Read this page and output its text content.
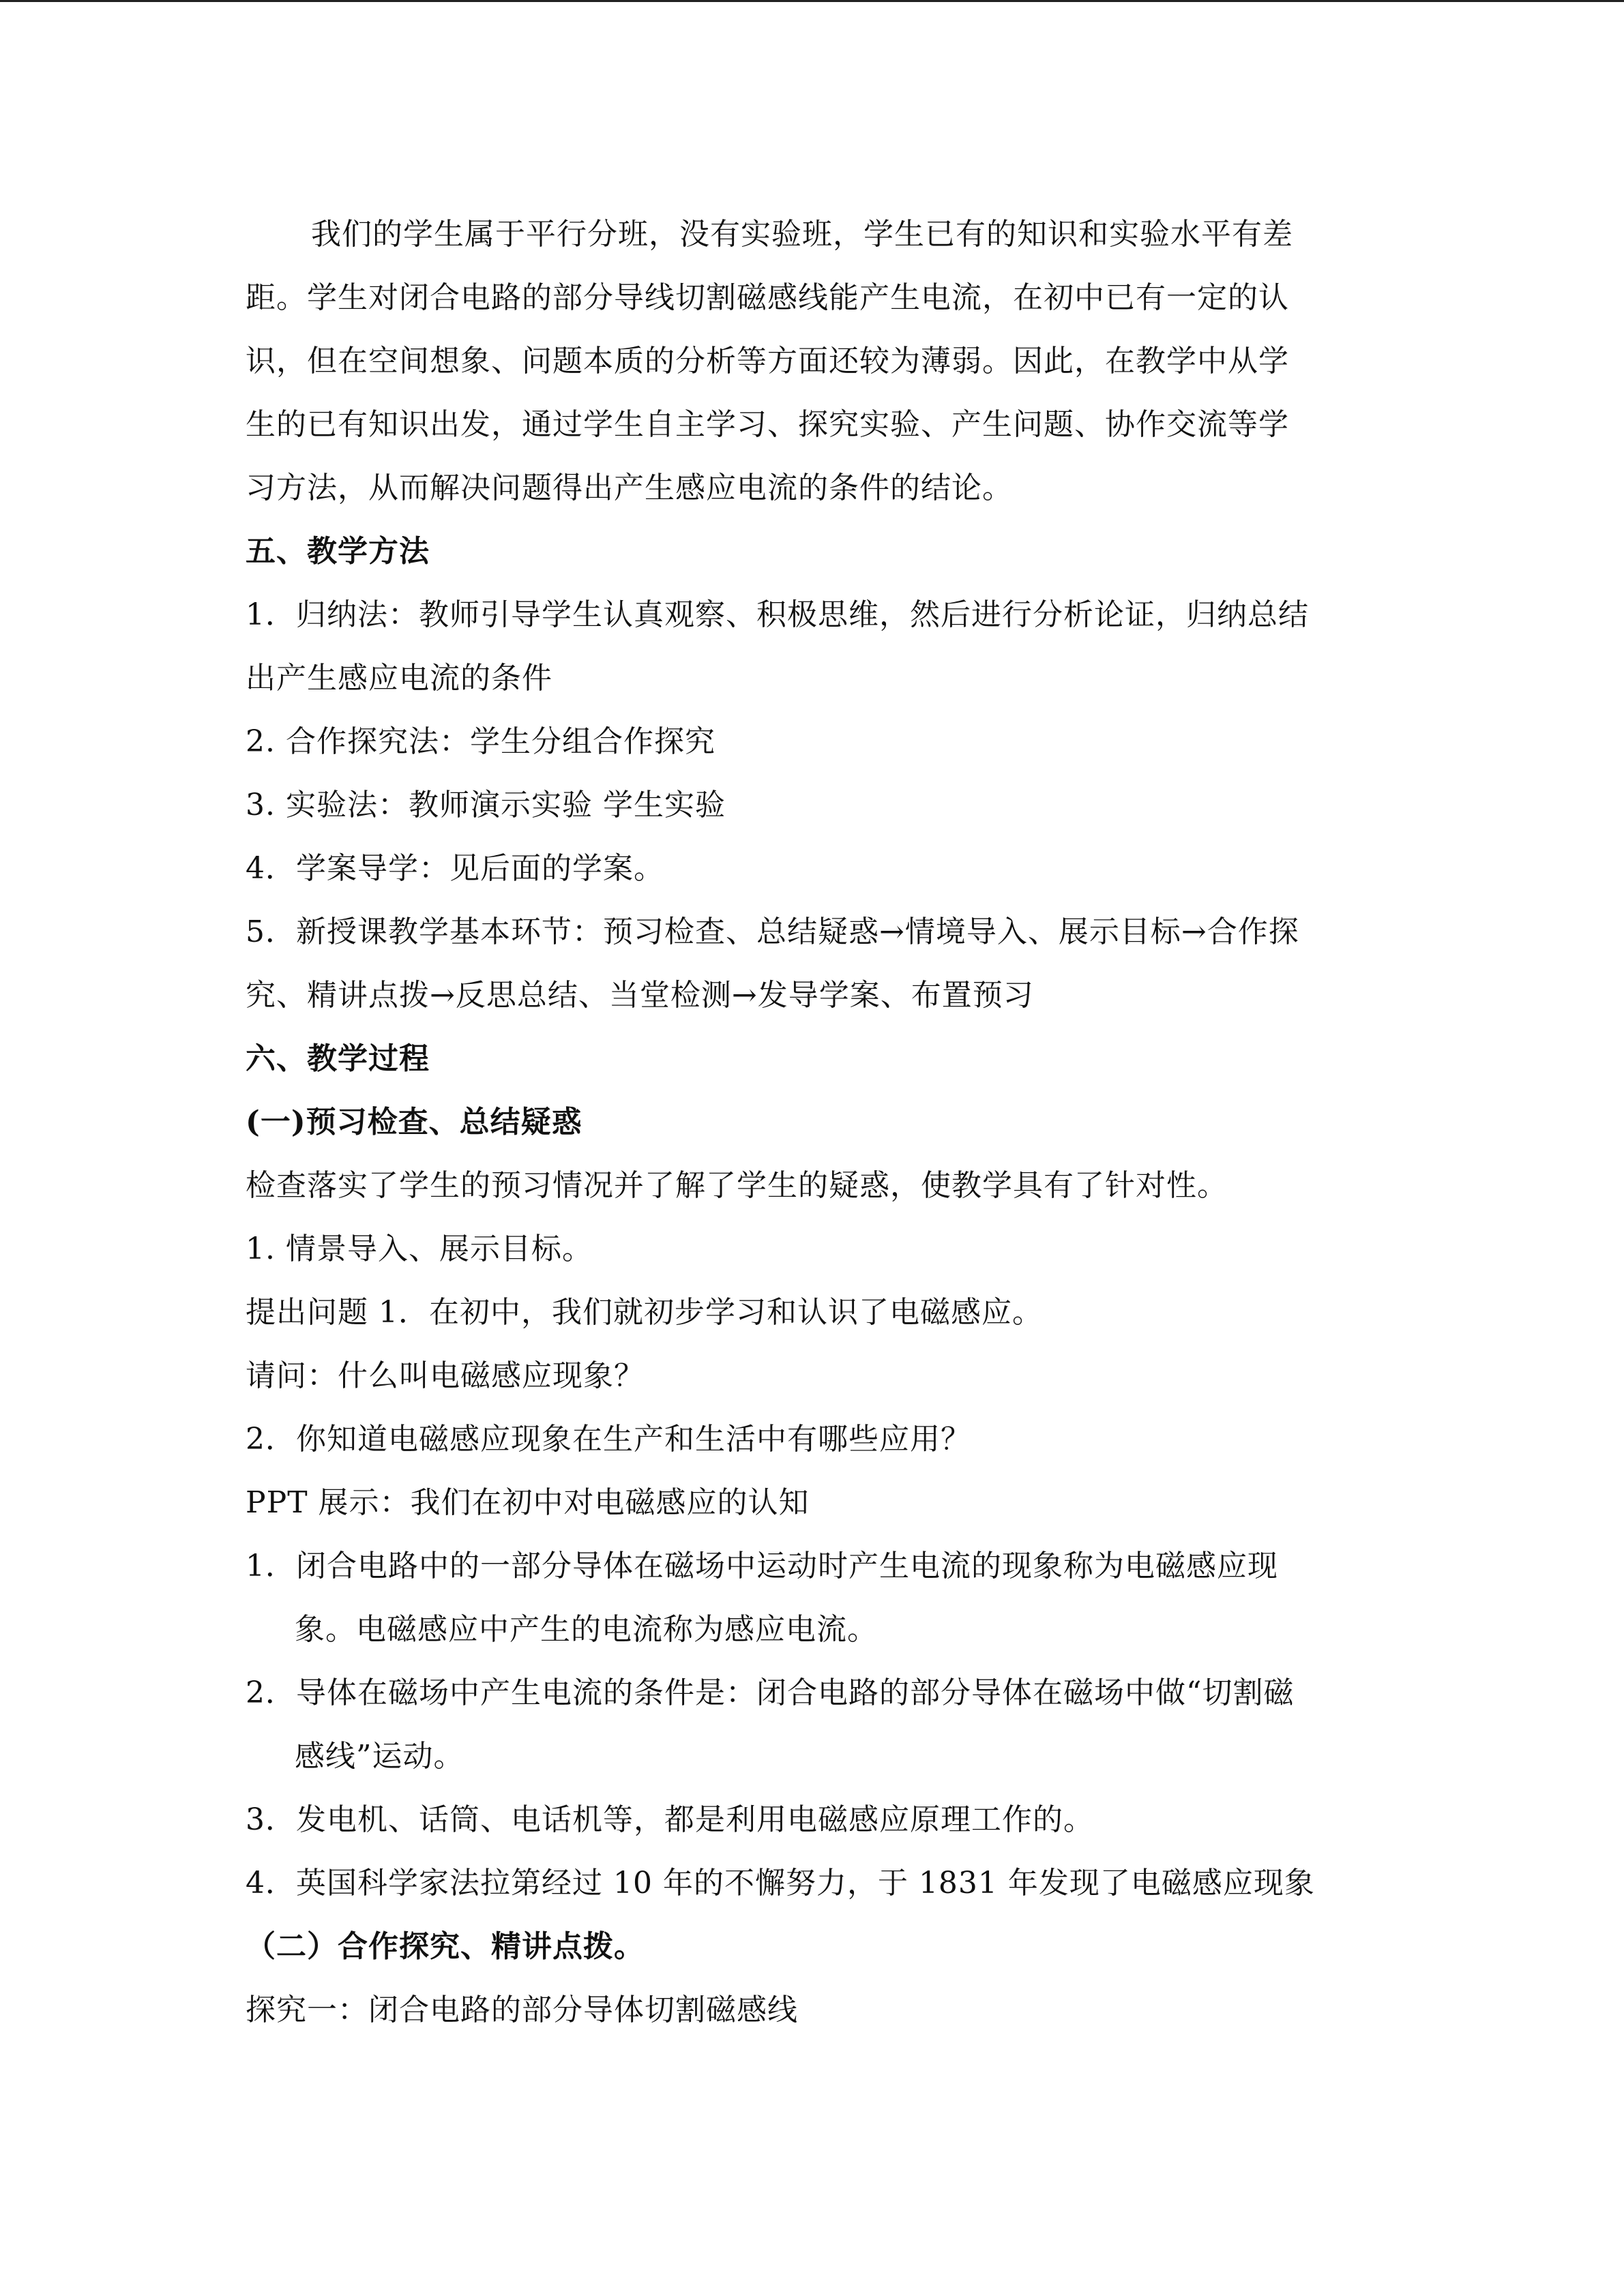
我们的学生属于平行分班，没有实验班，学生已有的知识和实验水平有差
距。学生对闭合电路的部分导线切割磁感线能产生电流，在初中已有一定的认
识，但在空间想象、问题本质的分析等方面还较为薄弱。因此，在教学中从学
生的已有知识出发，通过学生自主学习、探究实验、产生问题、协作交流等学
习方法，从而解决问题得出产生感应电流的条件的结论。
五、教学方法
1．归纳法：教师引导学生认真观察、积极思维，然后进行分析论证，归纳总结
出产生感应电流的条件
2. 合作探究法：学生分组合作探究
3. 实验法：教师演示实验 学生实验
4．学案导学：见后面的学案。
5．新授课教学基本环节：预习检查、总结疑惑→情境导入、展示目标→合作探
究、精讲点拨→反思总结、当堂检测→发导学案、布置预习
六、教学过程
(一)预习检查、总结疑惑
检查落实了学生的预习情况并了解了学生的疑惑，使教学具有了针对性。
1. 情景导入、展示目标。
提出问题 1．在初中，我们就初步学习和认识了电磁感应。
请问：什么叫电磁感应现象？
2．你知道电磁感应现象在生产和生活中有哪些应用？
PPT 展示：我们在初中对电磁感应的认知
1．闭合电路中的一部分导体在磁场中运动时产生电流的现象称为电磁感应现
象。电磁感应中产生的电流称为感应电流。
2．导体在磁场中产生电流的条件是：闭合电路的部分导体在磁场中做“切割磁
感线”运动。
3．发电机、话筒、电话机等，都是利用电磁感应原理工作的。
4．英国科学家法拉第经过 10 年的不懈努力，于 1831 年发现了电磁感应现象
（二）合作探究、精讲点拨。
探究一：闭合电路的部分导体切割磁感线
